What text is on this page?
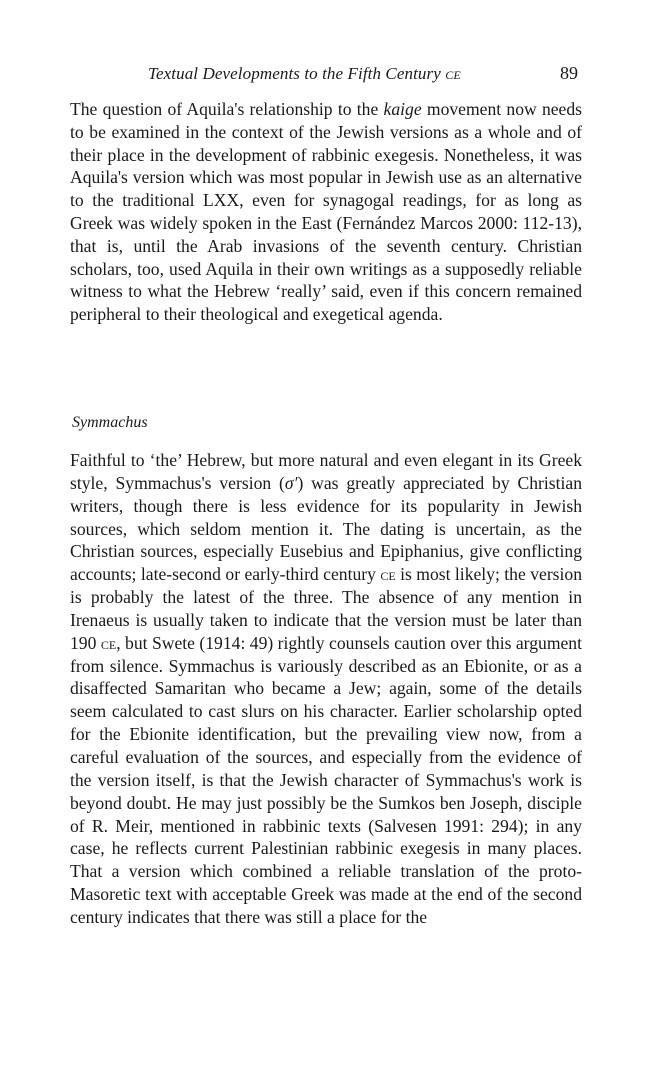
Textual Developments to the Fifth Century ce	89

The question of Aquila's relationship to the kaige movement now needs to be examined in the context of the Jewish versions as a whole and of their place in the development of rabbinic exegesis. Nonetheless, it was Aquila's version which was most popular in Jewish use as an alternative to the traditional LXX, even for synagogal readings, for as long as Greek was widely spoken in the East (Fernández Marcos 2000: 112-13), that is, until the Arab invasions of the seventh century. Christian scholars, too, used Aquila in their own writings as a supposedly reliable witness to what the Hebrew ‘really’ said, even if this concern remained peripheral to their theological and exegetical agenda.

Symmachus

Faithful to ‘the’ Hebrew, but more natural and even elegant in its Greek style, Symmachus's version (σ′) was greatly appreciated by Christian writers, though there is less evidence for its popularity in Jewish sources, which seldom mention it. The dating is uncertain, as the Christian sources, especially Eusebius and Epiphanius, give conflicting accounts; late-second or early-third century ce is most likely; the version is probably the latest of the three. The absence of any mention in Irenaeus is usually taken to indicate that the version must be later than 190 ce, but Swete (1914: 49) rightly counsels caution over this argument from silence. Symmachus is variously described as an Ebionite, or as a disaffected Samaritan who became a Jew; again, some of the details seem calculated to cast slurs on his character. Earlier scholarship opted for the Ebionite identification, but the prevailing view now, from a careful evaluation of the sources, and especially from the evidence of the version itself, is that the Jewish character of Symmachus's work is beyond doubt. He may just possibly be the Sumkos ben Joseph, disciple of R. Meir, mentioned in rabbinic texts (Salvesen 1991: 294); in any case, he reflects current Palestinian rabbinic exegesis in many places. That a version which combined a reliable translation of the proto-Masoretic text with acceptable Greek was made at the end of the second century indicates that there was still a place for the
